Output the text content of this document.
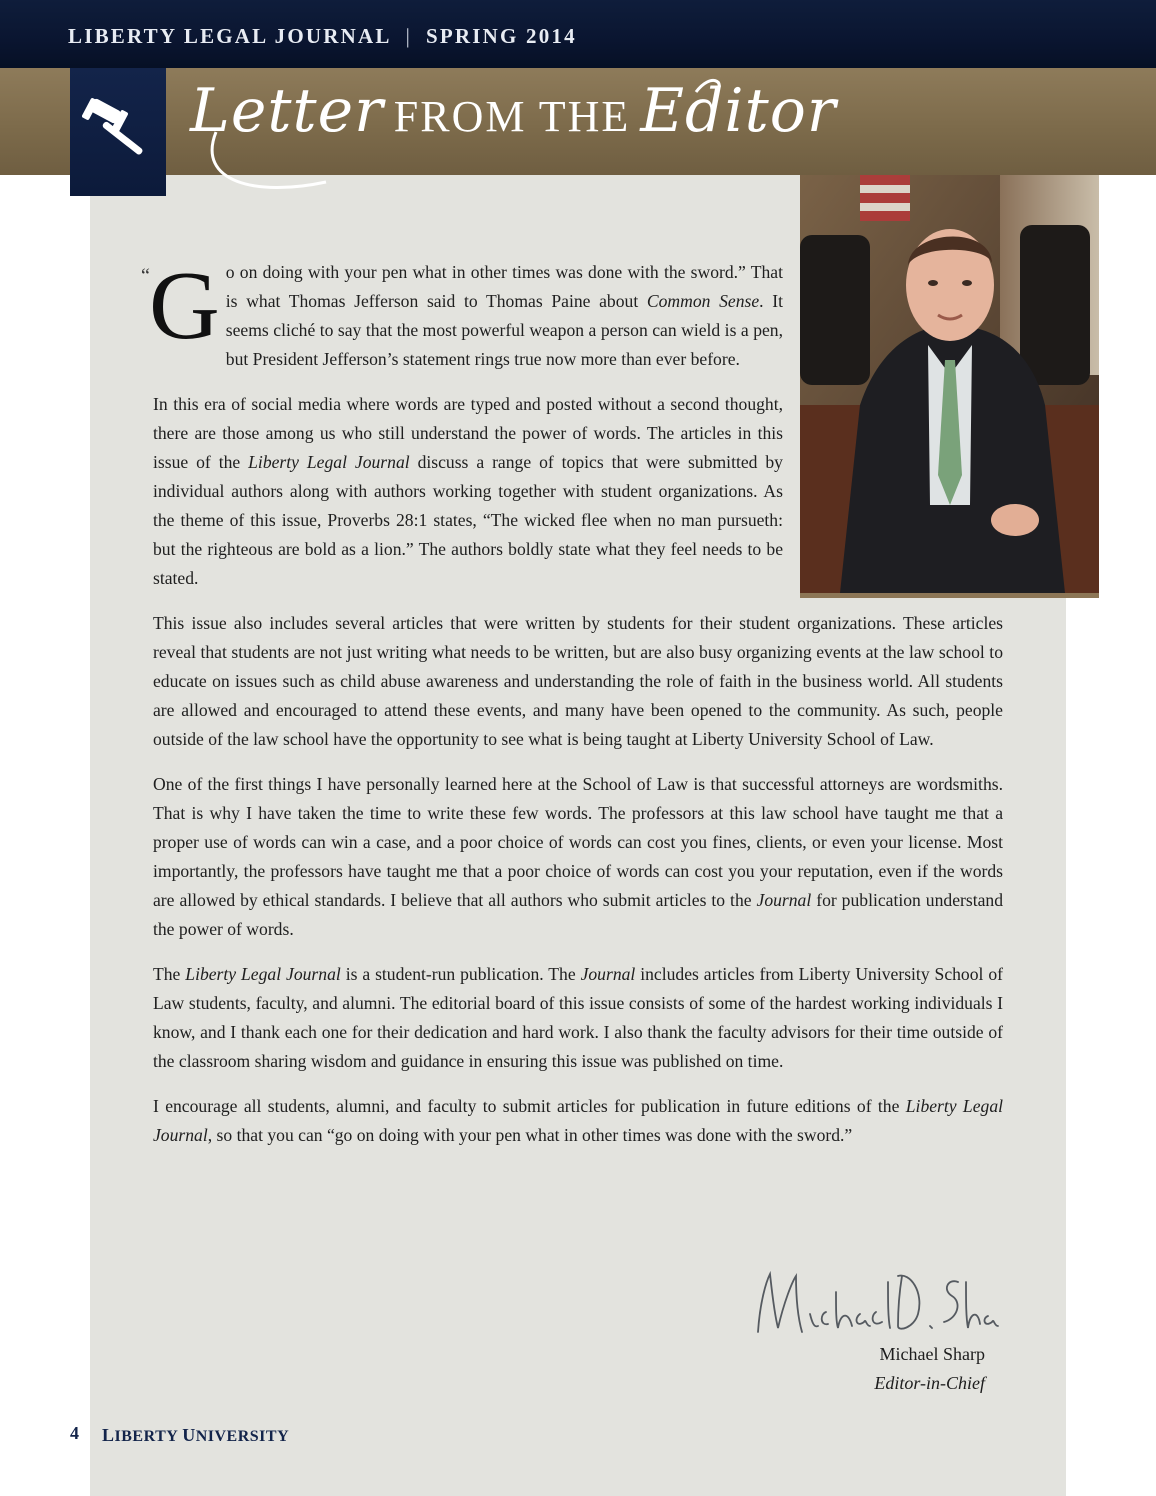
LIBERTY LEGAL JOURNAL | SPRING 2014
Letter FROM THE Editor

“ G o on doing with your pen what in other times was done with the sword.” That is what Thomas Jefferson said to Thomas Paine about Common Sense. It seems cliché to say that the most powerful weapon a person can wield is a pen, but President Jefferson’s statement rings true now more than ever before.

In this era of social media where words are typed and posted without a second thought, there are those among us who still understand the power of words. The articles in this issue of the Liberty Legal Journal discuss a range of topics that were submitted by individual authors along with authors working together with student organizations. As the theme of this issue, Proverbs 28:1 states, “The wicked flee when no man pursueth: but the righteous are bold as a lion.” The authors boldly state what they feel needs to be stated.

This issue also includes several articles that were written by students for their student organizations. These articles reveal that students are not just writing what needs to be written, but are also busy organizing events at the law school to educate on issues such as child abuse awareness and understanding the role of faith in the business world. All students are allowed and encouraged to attend these events, and many have been opened to the community. As such, people outside of the law school have the opportunity to see what is being taught at Liberty University School of Law.

One of the first things I have personally learned here at the School of Law is that successful attorneys are wordsmiths. That is why I have taken the time to write these few words. The professors at this law school have taught me that a proper use of words can win a case, and a poor choice of words can cost you fines, clients, or even your license. Most importantly, the professors have taught me that a poor choice of words can cost you your reputation, even if the words are allowed by ethical standards. I believe that all authors who submit articles to the Journal for publication understand the power of words.

The Liberty Legal Journal is a student-run publication. The Journal includes articles from Liberty University School of Law students, faculty, and alumni. The editorial board of this issue consists of some of the hardest working individuals I know, and I thank each one for their dedication and hard work. I also thank the faculty advisors for their time outside of the classroom sharing wisdom and guidance in ensuring this issue was published on time.

I encourage all students, alumni, and faculty to submit articles for publication in future editions of the Liberty Legal Journal, so that you can “go on doing with your pen what in other times was done with the sword.”

Michael Sharp
Editor-in-Chief
4 LIBERTY UNIVERSITY
